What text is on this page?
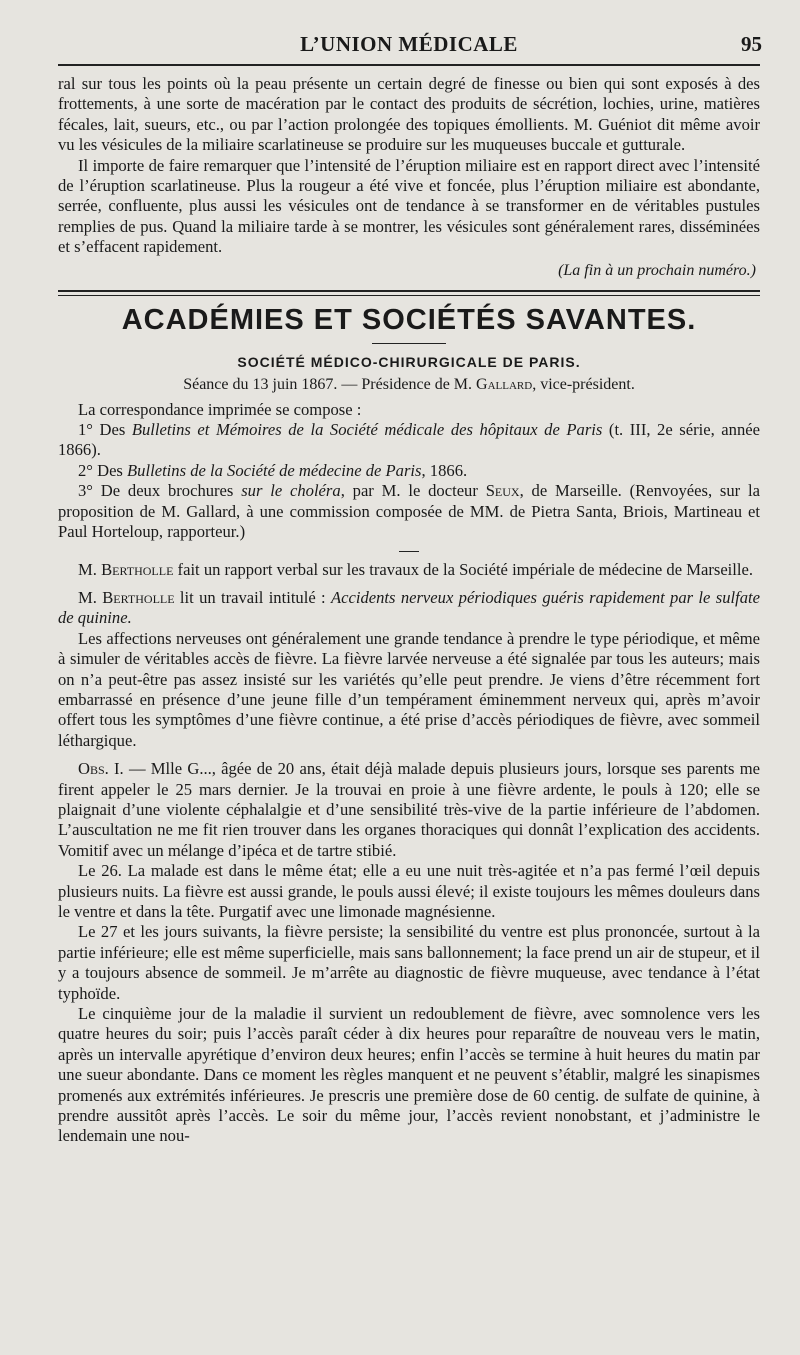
L’UNION MÉDICALE	95

ral sur tous les points où la peau présente un certain degré de finesse ou bien qui sont exposés à des frottements, à une sorte de macération par le contact des produits de sécrétion, lochies, urine, matières fécales, lait, sueurs, etc., ou par l’action prolongée des topiques émollients. M. Guéniot dit même avoir vu les vésicules de la miliaire scarlatineuse se produire sur les muqueuses buccale et gutturale.

Il importe de faire remarquer que l’intensité de l’éruption miliaire est en rapport direct avec l’intensité de l’éruption scarlatineuse. Plus la rougeur a été vive et foncée, plus l’éruption miliaire est abondante, serrée, confluente, plus aussi les vésicules ont de tendance à se transformer en de véritables pustules remplies de pus. Quand la miliaire tarde à se montrer, les vésicules sont généralement rares, disséminées et s’effacent rapidement.

(La fin à un prochain numéro.)
ACADÉMIES ET SOCIÉTÉS SAVANTES.
SOCIÉTÉ MÉDICO-CHIRURGICALE DE PARIS.
Séance du 13 juin 1867. — Présidence de M. Gallard, vice-président.

La correspondance imprimée se compose :

1° Des Bulletins et Mémoires de la Société médicale des hôpitaux de Paris (t. III, 2e série, année 1866).

2° Des Bulletins de la Société de médecine de Paris, 1866.

3° De deux brochures sur le choléra, par M. le docteur Seux, de Marseille. (Renvoyées, sur la proposition de M. Gallard, à une commission composée de MM. de Pietra Santa, Briois, Martineau et Paul Horteloup, rapporteur.)

M. Bertholle fait un rapport verbal sur les travaux de la Société impériale de médecine de Marseille.

M. Bertholle lit un travail intitulé : Accidents nerveux périodiques guéris rapidement par le sulfate de quinine.

Les affections nerveuses ont généralement une grande tendance à prendre le type périodique, et même à simuler de véritables accès de fièvre. La fièvre larvée nerveuse a été signalée par tous les auteurs; mais on n’a peut-être pas assez insisté sur les variétés qu’elle peut prendre. Je viens d’être récemment fort embarrassé en présence d’une jeune fille d’un tempérament éminemment nerveux qui, après m’avoir offert tous les symptômes d’une fièvre continue, a été prise d’accès périodiques de fièvre, avec sommeil léthargique.

Obs. I. — Mlle G..., âgée de 20 ans, était déjà malade depuis plusieurs jours, lorsque ses parents me firent appeler le 25 mars dernier. Je la trouvai en proie à une fièvre ardente, le pouls à 120; elle se plaignait d’une violente céphalalgie et d’une sensibilité très-vive de la partie inférieure de l’abdomen. L’auscultation ne me fit rien trouver dans les organes thoraciques qui donnât l’explication des accidents. Vomitif avec un mélange d’ipéca et de tartre stibié.

Le 26. La malade est dans le même état; elle a eu une nuit très-agitée et n’a pas fermé l’œil depuis plusieurs nuits. La fièvre est aussi grande, le pouls aussi élevé; il existe toujours les mêmes douleurs dans le ventre et dans la tête. Purgatif avec une limonade magnésienne.

Le 27 et les jours suivants, la fièvre persiste; la sensibilité du ventre est plus prononcée, surtout à la partie inférieure; elle est même superficielle, mais sans ballonnement; la face prend un air de stupeur, et il y a toujours absence de sommeil. Je m’arrête au diagnostic de fièvre muqueuse, avec tendance à l’état typhoïde.

Le cinquième jour de la maladie il survient un redoublement de fièvre, avec somnolence vers les quatre heures du soir; puis l’accès paraît céder à dix heures pour reparaître de nouveau vers le matin, après un intervalle apyrétique d’environ deux heures; enfin l’accès se termine à huit heures du matin par une sueur abondante. Dans ce moment les règles manquent et ne peuvent s’établir, malgré les sinapismes promenés aux extrémités inférieures. Je prescris une première dose de 60 centig. de sulfate de quinine, à prendre aussitôt après l’accès. Le soir du même jour, l’accès revient nonobstant, et j’administre le lendemain une nou-
